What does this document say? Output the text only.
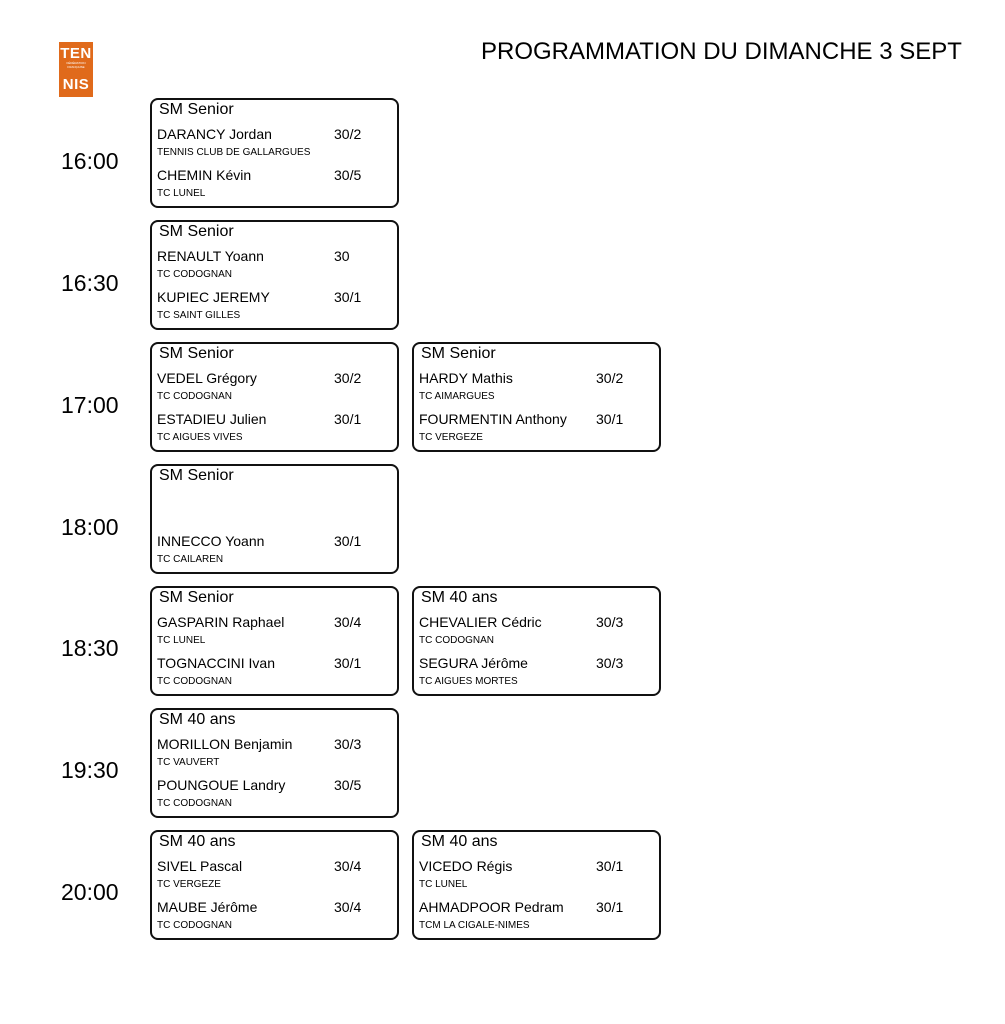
TEN
FÉDÉRATION FRANÇAISE
NIS
PROGRAMMATION DU DIMANCHE 3 SEPT
16:00
SM Senior
DARANCY Jordan	30/2
TENNIS CLUB DE GALLARGUES
CHEMIN Kévin	30/5
TC LUNEL
16:30
SM Senior
RENAULT Yoann	30
TC CODOGNAN
KUPIEC JEREMY	30/1
TC SAINT GILLES
17:00
SM Senior
VEDEL Grégory	30/2
TC CODOGNAN
ESTADIEU Julien	30/1
TC AIGUES VIVES
SM Senior
HARDY Mathis	30/2
TC AIMARGUES
FOURMENTIN Anthony 30/1
TC VERGEZE
18:00
SM Senior
INNECCO Yoann	30/1
TC CAILAREN
18:30
SM Senior
GASPARIN Raphael	30/4
TC LUNEL
TOGNACCINI Ivan	30/1
TC CODOGNAN
SM 40 ans
CHEVALIER Cédric	30/3
TC CODOGNAN
SEGURA Jérôme	30/3
TC AIGUES MORTES
19:30
SM 40 ans
MORILLON Benjamin	30/3
TC VAUVERT
POUNGOUE Landry	30/5
TC CODOGNAN
20:00
SM 40 ans
SIVEL Pascal	30/4
TC VERGEZE
MAUBE Jérôme	30/4
TC CODOGNAN
SM 40 ans
VICEDO Régis	30/1
TC LUNEL
AHMADPOOR Pedram 30/1
TCM LA CIGALE-NIMES
